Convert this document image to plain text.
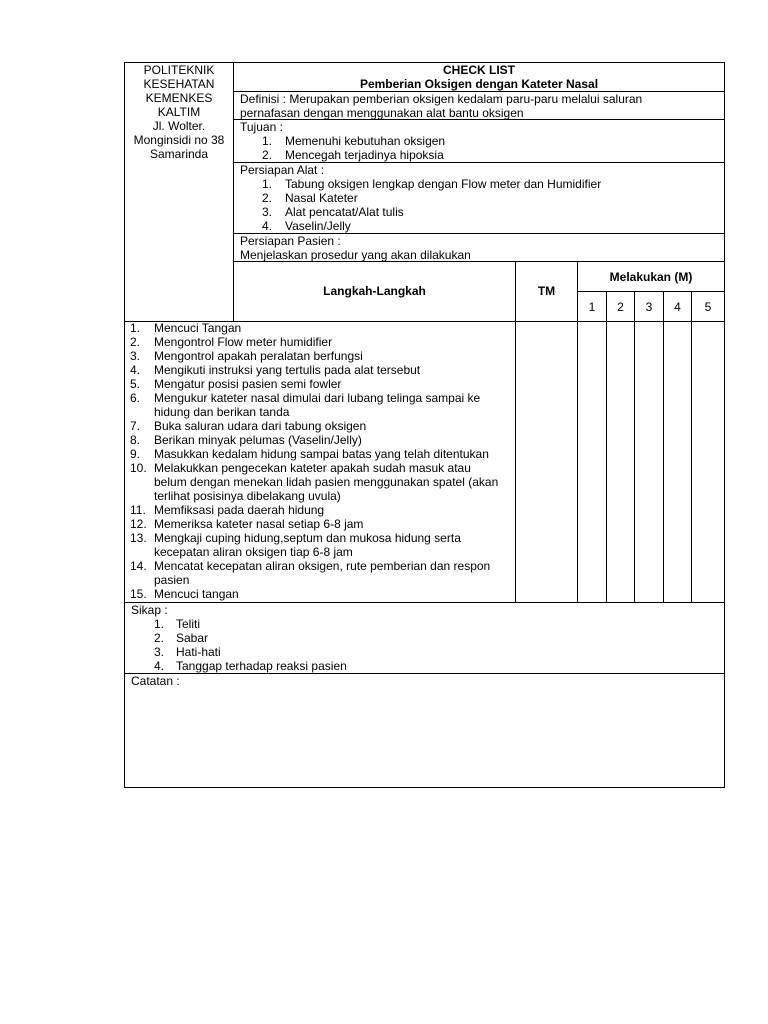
POLITEKNIK
KESEHATAN
KEMENKES
KALTIM
Jl. Wolter.
Monginsidi no 38
Samarinda
CHECK LIST
Pemberian Oksigen dengan Kateter Nasal
Definisi : Merupakan pemberian oksigen kedalam paru-paru melalui saluran
pernafasan dengan menggunakan alat bantu oksigen
Tujuan :
1. Memenuhi kebutuhan oksigen
2. Mencegah terjadinya hipoksia
Persiapan Alat :
1. Tabung oksigen lengkap dengan Flow meter dan Humidifier
2. Nasal Kateter
3. Alat pencatat/Alat tulis
4. Vaselin/Jelly
Persiapan Pasien :
Menjelaskan prosedur yang akan dilakukan
Langkah-Langkah	TM
Melakukan (M)
1	2	3	4	5
1. Mencuci Tangan
2. Mengontrol Flow meter humidifier
3. Mengontrol apakah peralatan berfungsi
4. Mengikuti instruksi yang tertulis pada alat tersebut
5. Mengatur posisi pasien semi fowler
6. Mengukur kateter nasal dimulai dari lubang telinga sampai ke
hidung dan berikan tanda
7. Buka saluran udara dari tabung oksigen
8. Berikan minyak pelumas (Vaselin/Jelly)
9. Masukkan kedalam hidung sampai batas yang telah ditentukan
10. Melakukkan pengecekan kateter apakah sudah masuk atau
belum dengan menekan lidah pasien menggunakan spatel (akan
terlihat posisinya dibelakang uvula)
11. Memfiksasi pada daerah hidung
12. Memeriksa kateter nasal setiap 6-8 jam
13. Mengkaji cuping hidung,septum dan mukosa hidung serta
kecepatan aliran oksigen tiap 6-8 jam
14. Mencatat kecepatan aliran oksigen, rute pemberian dan respon
pasien
15. Mencuci tangan
Sikap :
1. Teliti
2. Sabar
3. Hati-hati
4. Tanggap terhadap reaksi pasien
Catatan :
